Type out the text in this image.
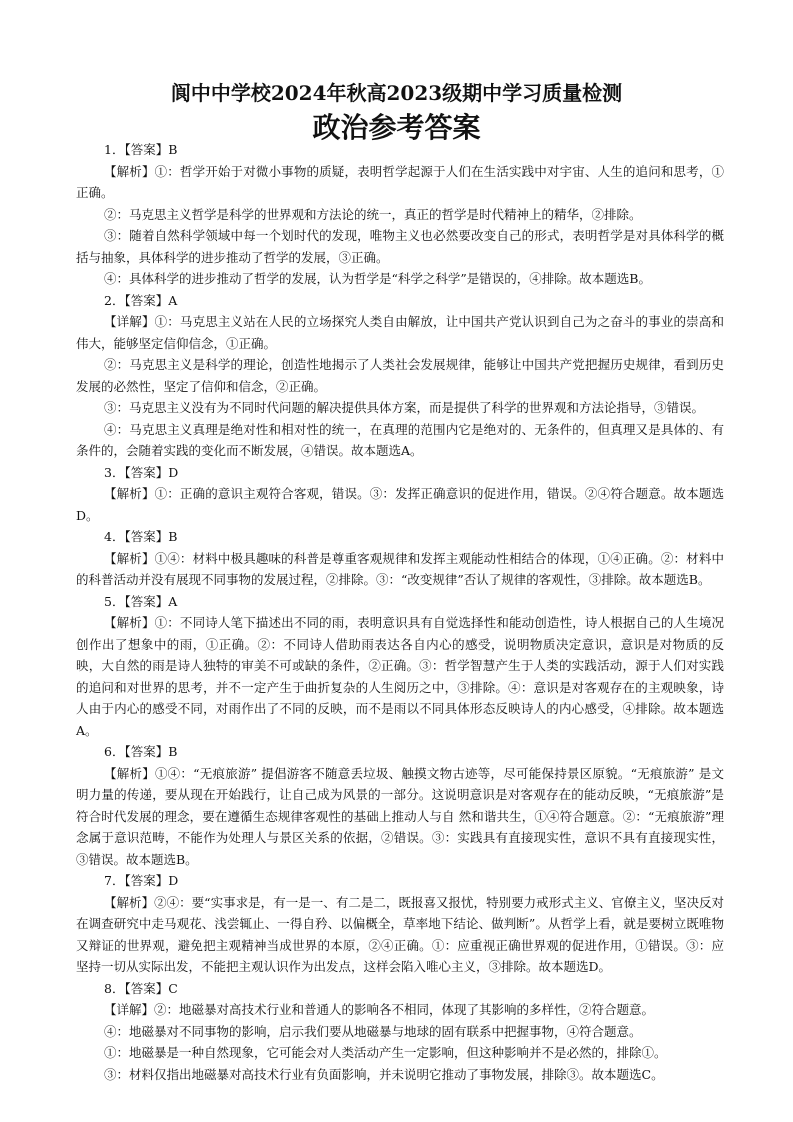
阆中中学校2024年秋高2023级期中学习质量检测
政治参考答案

1．【答案】B

【解析】①：哲学开始于对微小事物的质疑，表明哲学起源于人们在生活实践中对宇宙、人生的追问和思考，①正确。

②：马克思主义哲学是科学的世界观和方法论的统一，真正的哲学是时代精神上的精华，②排除。

③：随着自然科学领域中每一个划时代的发现，唯物主义也必然要改变自己的形式，表明哲学是对具体科学的概括与抽象，具体科学的进步推动了哲学的发展，③正确。

④：具体科学的进步推动了哲学的发展，认为哲学是“科学之科学”是错误的，④排除。故本题选B。

2．【答案】A

【详解】①：马克思主义站在人民的立场探究人类自由解放，让中国共产党认识到自己为之奋斗的事业的崇高和伟大，能够坚定信仰信念，①正确。

②：马克思主义是科学的理论，创造性地揭示了人类社会发展规律，能够让中国共产党把握历史规律，看到历史发展的必然性，坚定了信仰和信念，②正确。

③：马克思主义没有为不同时代问题的解决提供具体方案，而是提供了科学的世界观和方法论指导，③错误。

④：马克思主义真理是绝对性和相对性的统一，在真理的范围内它是绝对的、无条件的，但真理又是具体的、有条件的，会随着实践的变化而不断发展，④错误。故本题选A。

3．【答案】D

【解析】①：正确的意识主观符合客观，错误。③：发挥正确意识的促进作用，错误。②④符合题意。故本题选D。

4．【答案】B

【解析】①④：材料中极具趣味的科普是尊重客观规律和发挥主观能动性相结合的体现，①④正确。②：材料中的科普活动并没有展现不同事物的发展过程，②排除。③：“改变规律”否认了规律的客观性，③排除。故本题选B。

5．【答案】A

【解析】①：不同诗人笔下描述出不同的雨，表明意识具有自觉选择性和能动创造性，诗人根据自己的人生境况创作出了想象中的雨，①正确。②：不同诗人借助雨表达各自内心的感受，说明物质决定意识，意识是对物质的反映，大自然的雨是诗人独特的审美不可或缺的条件，②正确。③：哲学智慧产生于人类的实践活动，源于人们对实践的追问和对世界的思考，并不一定产生于曲折复杂的人生阅历之中，③排除。④：意识是对客观存在的主观映象，诗人由于内心的感受不同，对雨作出了不同的反映，而不是雨以不同具体形态反映诗人的内心感受，④排除。故本题选A。

6．【答案】B

【解析】①④：“无痕旅游” 提倡游客不随意丢垃圾、触摸文物古迹等，尽可能保持景区原貌。“无痕旅游” 是文明力量的传递，要从现在开始践行，让自己成为风景的一部分。这说明意识是对客观存在的能动反映，“无痕旅游”是符合时代发展的理念，要在遵循生态规律客观性的基础上推动人与自 然和谐共生，①④符合题意。②：“无痕旅游”理念属于意识范畴，不能作为处理人与景区关系的依据，②错误。③：实践具有直接现实性，意识不具有直接现实性，③错误。故本题选B。

7．【答案】D

【解析】②④：要“实事求是，有一是一、有二是二，既报喜又报忧，特别要力戒形式主义、官僚主义，坚决反对在调查研究中走马观花、浅尝辄止、一得自矜、以偏概全，草率地下结论、做判断”。从哲学上看，就是要树立既唯物又辩证的世界观，避免把主观精神当成世界的本原，②④正确。①：应重视正确世界观的促进作用，①错误。③：应坚持一切从实际出发，不能把主观认识作为出发点，这样会陷入唯心主义，③排除。故本题选D。

8．【答案】C

【详解】②：地磁暴对高技术行业和普通人的影响各不相同，体现了其影响的多样性，②符合题意。

④：地磁暴对不同事物的影响，启示我们要从地磁暴与地球的固有联系中把握事物，④符合题意。

①：地磁暴是一种自然现象，它可能会对人类活动产生一定影响，但这种影响并不是必然的，排除①。

③：材料仅指出地磁暴对高技术行业有负面影响，并未说明它推动了事物发展，排除③。故本题选C。
